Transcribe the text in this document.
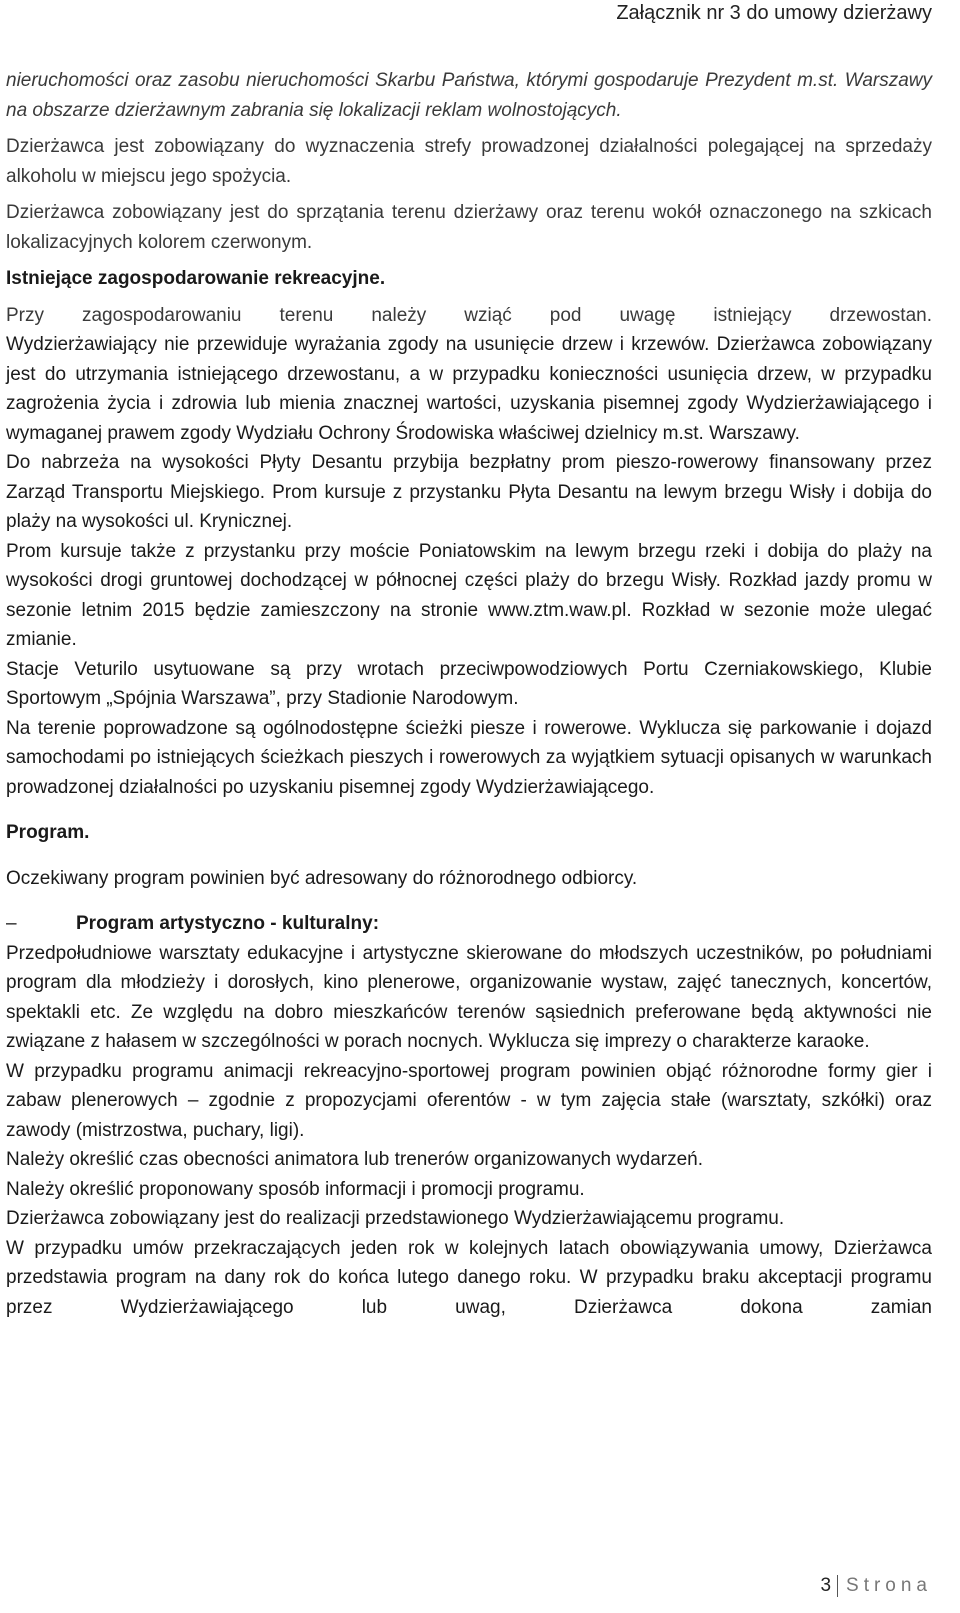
Załącznik nr 3 do umowy dzierżawy

nieruchomości oraz zasobu nieruchomości Skarbu Państwa, którymi gospodaruje Prezydent m.st. Warszawy na obszarze dzierżawnym zabrania się lokalizacji reklam wolnostojących.

Dzierżawca jest zobowiązany do wyznaczenia strefy prowadzonej działalności polegającej na sprzedaży alkoholu w miejscu jego spożycia.

Dzierżawca zobowiązany jest do sprzątania terenu dzierżawy oraz terenu wokół oznaczonego na szkicach lokalizacyjnych kolorem czerwonym.

Istniejące zagospodarowanie rekreacyjne.

Przy zagospodarowaniu terenu należy wziąć pod uwagę istniejący drzewostan.

Wydzierżawiający nie przewiduje wyrażania zgody na usunięcie drzew i krzewów. Dzierżawca zobowiązany jest do utrzymania istniejącego drzewostanu, a w przypadku konieczności usunięcia drzew, w przypadku zagrożenia życia i zdrowia lub mienia znacznej wartości, uzyskania pisemnej zgody Wydzierżawiającego i wymaganej prawem zgody Wydziału Ochrony Środowiska właściwej dzielnicy m.st. Warszawy.

Do nabrzeża na wysokości Płyty Desantu przybija bezpłatny prom pieszo-rowerowy finansowany przez Zarząd Transportu Miejskiego. Prom kursuje z przystanku Płyta Desantu na lewym brzegu Wisły i dobija do plaży na wysokości ul. Krynicznej.

Prom kursuje także z przystanku przy moście Poniatowskim na lewym brzegu rzeki i dobija do plaży na wysokości drogi gruntowej dochodzącej w północnej części plaży do brzegu Wisły. Rozkład jazdy promu w sezonie letnim 2015 będzie zamieszczony na stronie www.ztm.waw.pl. Rozkład w sezonie może ulegać zmianie.

Stacje Veturilo usytuowane są przy wrotach przeciwpowodziowych Portu Czerniakowskiego, Klubie Sportowym „Spójnia Warszawa”, przy Stadionie Narodowym.

Na terenie poprowadzone są ogólnodostępne ścieżki piesze i rowerowe. Wyklucza się parkowanie i dojazd samochodami po istniejących ścieżkach pieszych i rowerowych za wyjątkiem sytuacji opisanych w warunkach prowadzonej działalności po uzyskaniu pisemnej zgody Wydzierżawiającego.

Program.

Oczekiwany program powinien być adresowany do różnorodnego odbiorcy.

–	Program artystyczno - kulturalny:

Przedpołudniowe warsztaty edukacyjne i artystyczne skierowane do młodszych uczestników, po południami program dla młodzieży i dorosłych, kino plenerowe, organizowanie wystaw, zajęć tanecznych, koncertów, spektakli etc. Ze względu na dobro mieszkańców terenów sąsiednich preferowane będą aktywności nie związane z hałasem w szczególności w porach nocnych. Wyklucza się imprezy o charakterze karaoke.

W przypadku programu animacji rekreacyjno-sportowej program powinien objąć różnorodne formy gier i zabaw plenerowych – zgodnie z propozycjami oferentów - w tym zajęcia stałe (warsztaty, szkółki) oraz zawody (mistrzostwa, puchary, ligi).

Należy określić czas obecności animatora lub trenerów organizowanych wydarzeń.

Należy określić proponowany sposób informacji i promocji programu.

Dzierżawca zobowiązany jest do realizacji przedstawionego Wydzierżawiającemu programu.

W przypadku umów przekraczających jeden rok w kolejnych latach obowiązywania umowy, Dzierżawca przedstawia program na dany rok do końca lutego danego roku. W przypadku braku akceptacji programu przez Wydzierżawiającego lub uwag, Dzierżawca dokona zamian

3 Strona
